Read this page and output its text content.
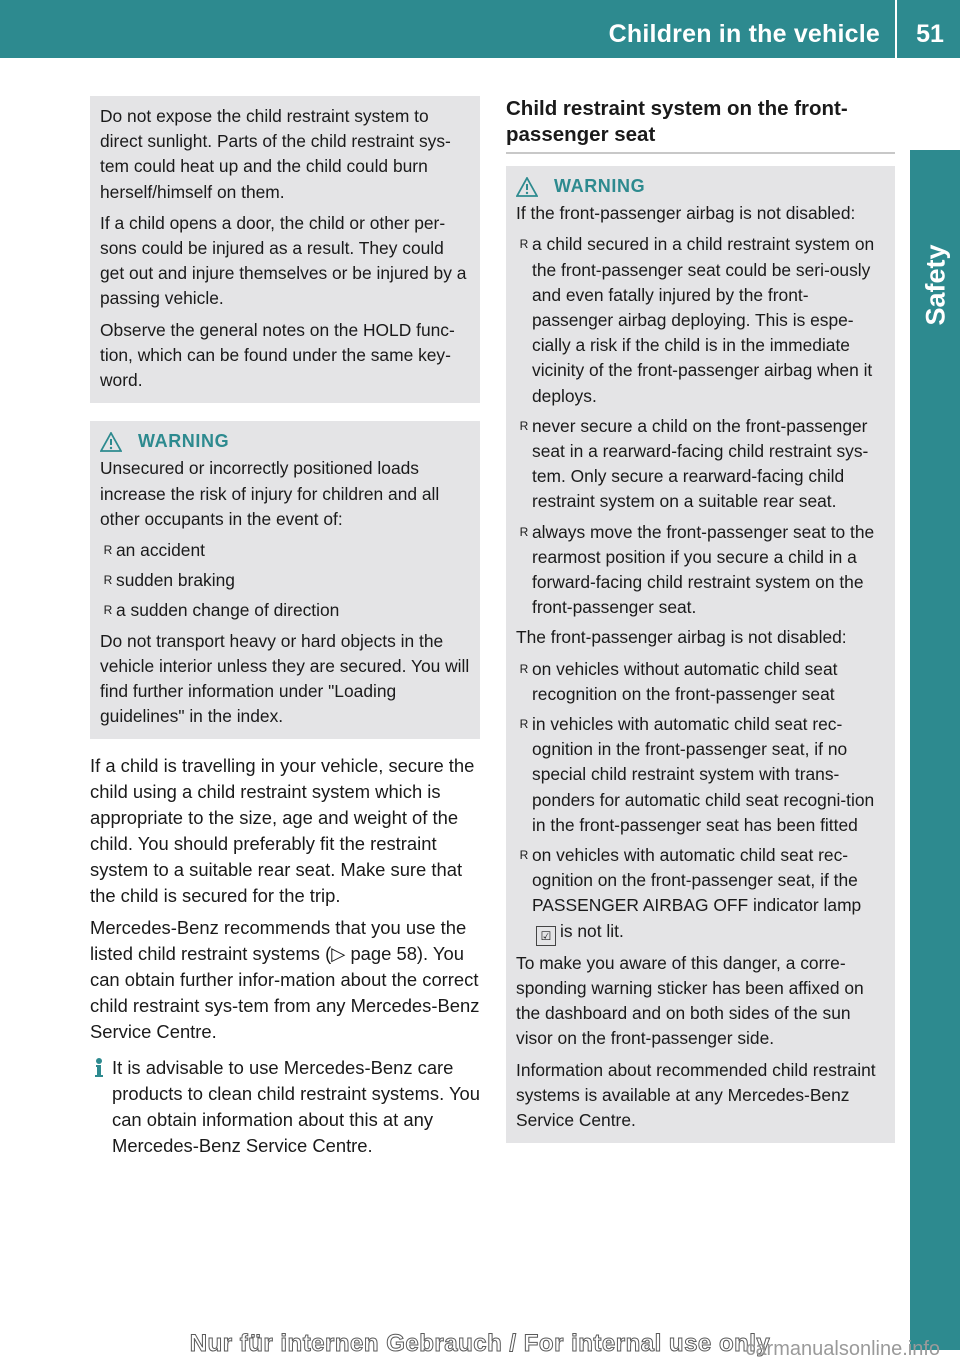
Children in the vehicle	51
Safety

Do not expose the child restraint system to direct sunlight. Parts of the child restraint sys-tem could heat up and the child could burn herself/himself on them.

If a child opens a door, the child or other per-sons could be injured as a result. They could get out and injure themselves or be injured by a passing vehicle.

Observe the general notes on the HOLD func-tion, which can be found under the same key-word.

WARNING

Unsecured or incorrectly positioned loads increase the risk of injury for children and all other occupants in the event of:

R an accident
R sudden braking
R a sudden change of direction

Do not transport heavy or hard objects in the vehicle interior unless they are secured. You will find further information under "Loading guidelines" in the index.

If a child is travelling in your vehicle, secure the child using a child restraint system which is appropriate to the size, age and weight of the child. You should preferably fit the restraint system to a suitable rear seat. Make sure that the child is secured for the trip.

Mercedes-Benz recommends that you use the listed child restraint systems (▷ page 58). You can obtain further infor-mation about the correct child restraint sys-tem from any Mercedes-Benz Service Centre.

It is advisable to use Mercedes-Benz care products to clean child restraint systems. You can obtain information about this at any Mercedes-Benz Service Centre.
Child restraint system on the front-passenger seat
WARNING

If the front-passenger airbag is not disabled:

R a child secured in a child restraint system on the front-passenger seat could be seri-ously and even fatally injured by the front-passenger airbag deploying. This is espe-cially a risk if the child is in the immediate vicinity of the front-passenger airbag when it deploys.
R never secure a child on the front-passenger seat in a rearward-facing child restraint sys-tem. Only secure a rearward-facing child restraint system on a suitable rear seat.
R always move the front-passenger seat to the rearmost position if you secure a child in a forward-facing child restraint system on the front-passenger seat.

The front-passenger airbag is not disabled:

R on vehicles without automatic child seat recognition on the front-passenger seat
R in vehicles with automatic child seat rec-ognition in the front-passenger seat, if no special child restraint system with trans-ponders for automatic child seat recogni-tion in the front-passenger seat has been fitted
R on vehicles with automatic child seat rec-ognition on the front-passenger seat, if the PASSENGER AIRBAG OFF indicator lamp ☑ is not lit.

To make you aware of this danger, a corre-sponding warning sticker has been affixed on the dashboard and on both sides of the sun visor on the front-passenger side.

Information about recommended child restraint systems is available at any Mercedes-Benz Service Centre.

Nur für internen Gebrauch / For internal use only
carmanualsonline.info
